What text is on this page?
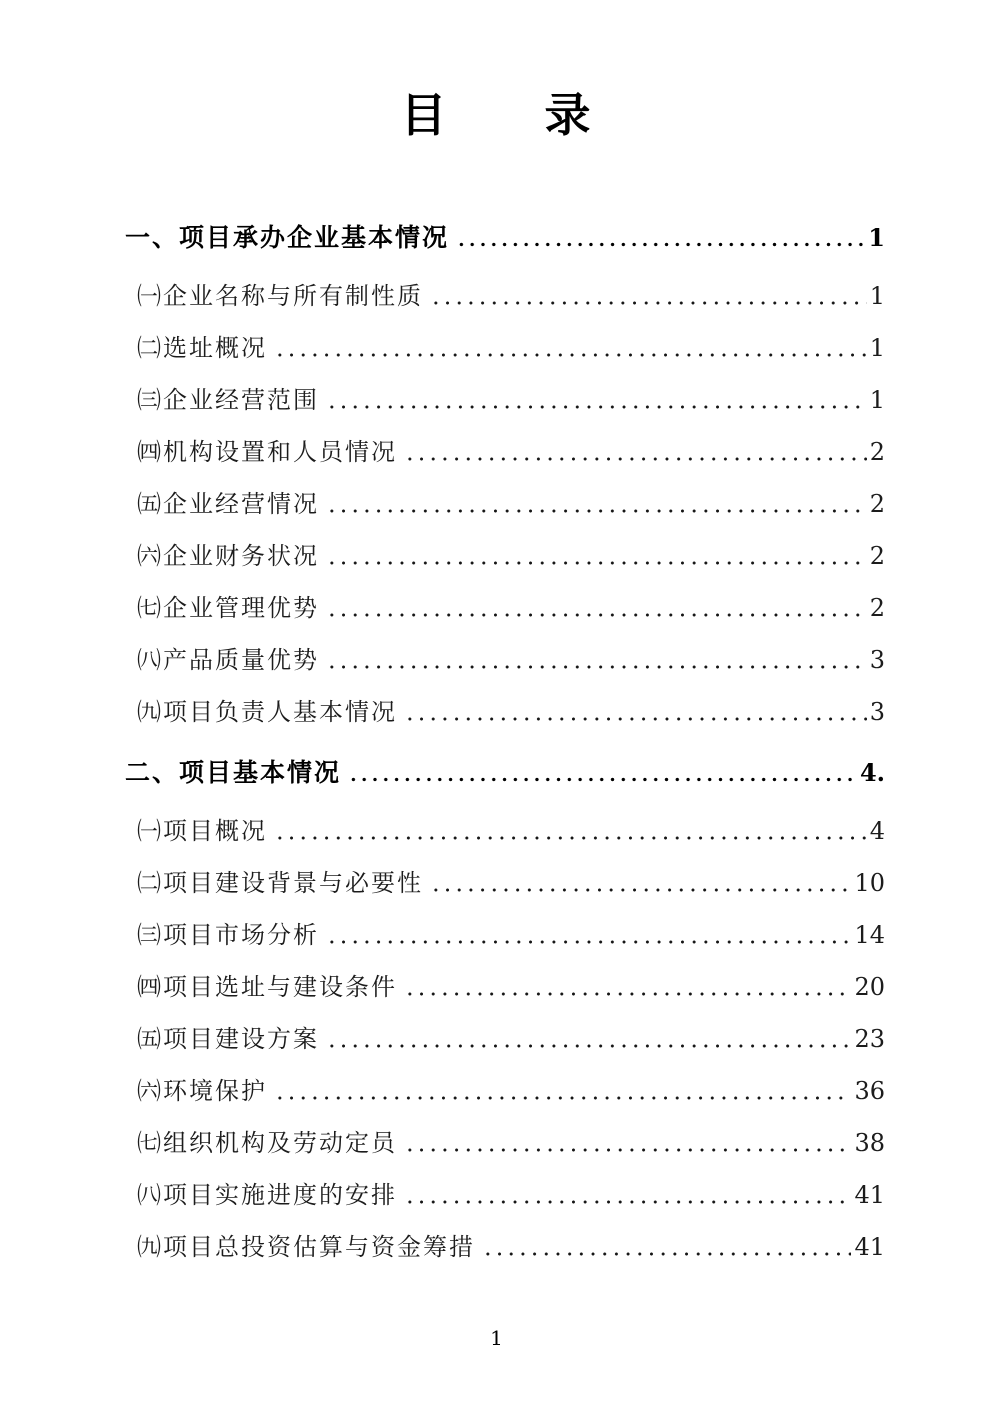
目　　录
一、项目承办企业基本情况	1
㈠企业名称与所有制性质	1
㈡选址概况	1
㈢企业经营范围	1
㈣机构设置和人员情况	2
㈤企业经营情况	2
㈥企业财务状况	2
㈦企业管理优势	2
㈧产品质量优势	3
㈨项目负责人基本情况	3
二、项目基本情况	4.
㈠项目概况	4
㈡项目建设背景与必要性	10
㈢项目市场分析	14
㈣项目选址与建设条件	20
㈤项目建设方案	23
㈥环境保护	36
㈦组织机构及劳动定员	38
㈧项目实施进度的安排	41
㈨项目总投资估算与资金筹措	41
1
